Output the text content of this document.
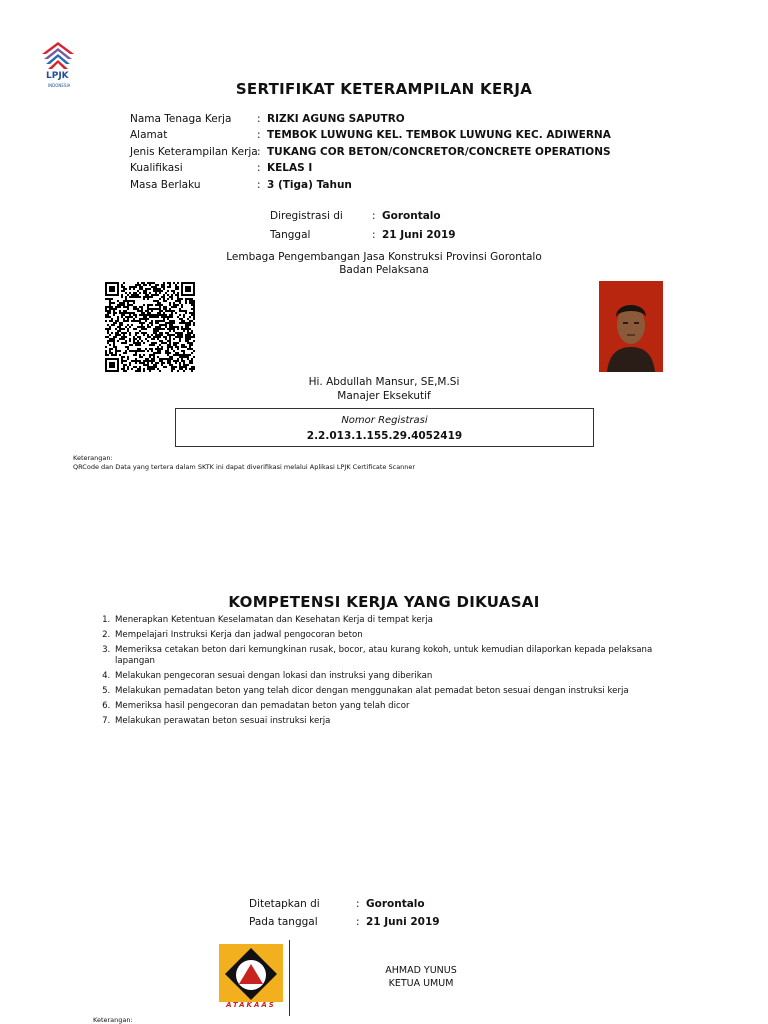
LPJK
INDONESIA	SERTIFIKAT KETERAMPILAN KERJA
Nama Tenaga Kerja : RIZKI AGUNG SAPUTRO
Alamat	: TEMBOK LUWUNG KEL. TEMBOK LUWUNG KEC. ADIWERNA
Jenis Keterampilan Kerja : TUKANG COR BETON/CONCRETOR/CONCRETE OPERATIONS
Kualifikasi	: KELAS I
Masa Berlaku	: 3 (Tiga) Tahun
Diregistrasi di	: Gorontalo
Tanggal	: 21 Juni 2019
Lembaga Pengembangan Jasa Konstruksi Provinsi Gorontalo
Badan Pelaksana
Hi. Abdullah Mansur, SE,M.Si
Manajer Eksekutif
Nomor Registrasi
2.2.013.1.155.29.4052419
Keterangan:
QRCode dan Data yang tertera dalam SKTK ini dapat diverifikasi melalui Aplikasi LPJK Certificate Scanner
KOMPETENSI KERJA YANG DIKUASAI
1. Menerapkan Ketentuan Keselamatan dan Kesehatan Kerja di tempat kerja
2. Mempelajari Instruksi Kerja dan jadwal pengocoran beton
3. Memeriksa cetakan beton dari kemungkinan rusak, bocor, atau kurang kokoh, untuk kemudian dilaporkan kepada pelaksana lapangan
4. Melakukan pengecoran sesuai dengan lokasi dan instruksi yang diberikan
5. Melakukan pemadatan beton yang telah dicor dengan menggunakan alat pemadat beton sesuai dengan instruksi kerja
6. Memeriksa hasil pengecoran dan pemadatan beton yang telah dicor
7. Melakukan perawatan beton sesuai instruksi kerja
Ditetapkan di	: Gorontalo
Pada tanggal	: 21 Juni 2019
ATAKAAS
AHMAD YUNUS
KETUA UMUM
Keterangan:
